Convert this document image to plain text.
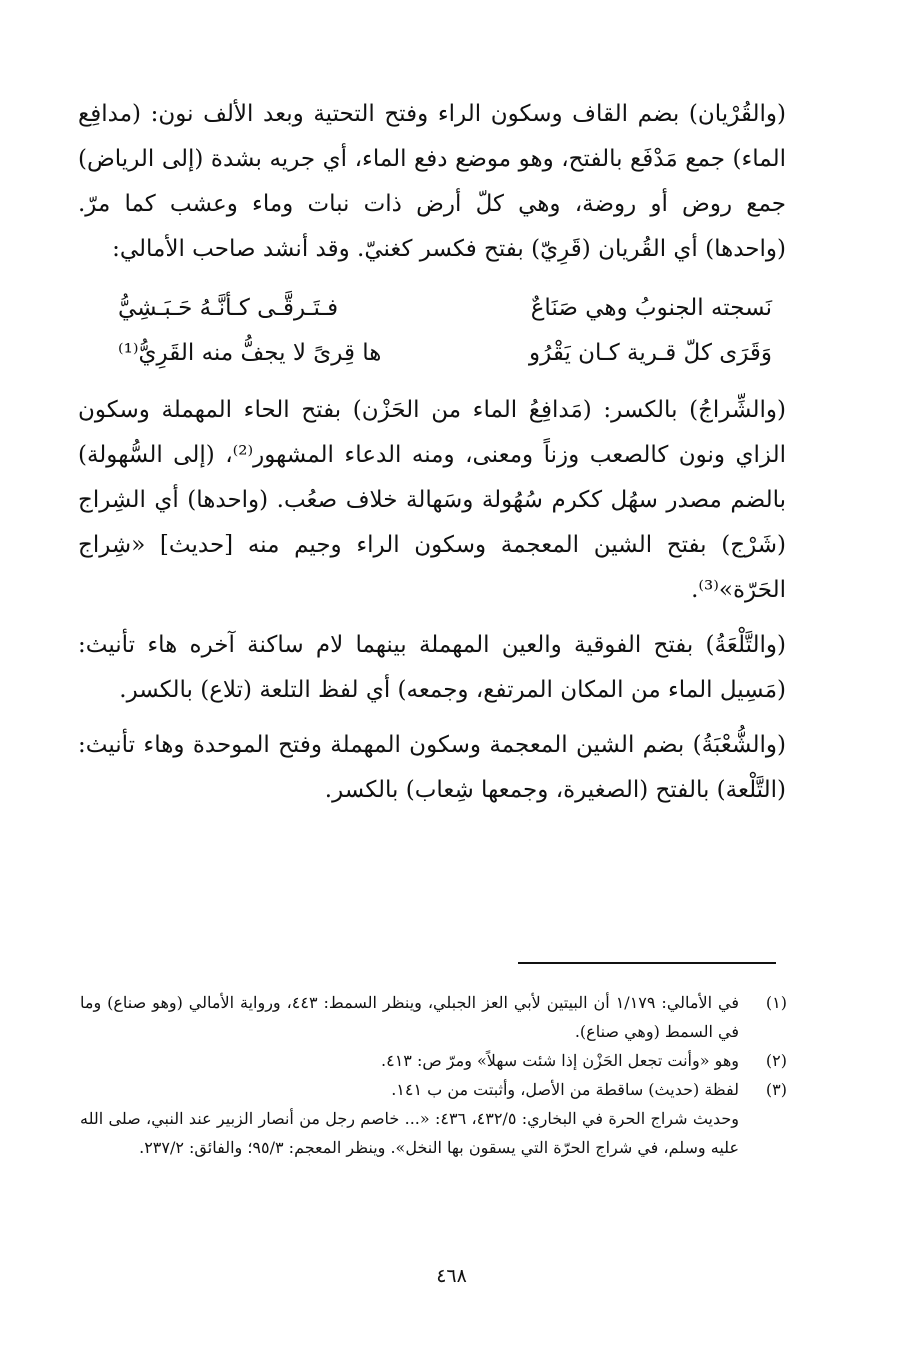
(والقُرْيان) بضم القاف وسكون الراء وفتح التحتية وبعد الألف نون: (مدافِع الماء) جمع مَدْفَع بالفتح، وهو موضع دفع الماء، أي جريه بشدة (إلى الرياض) جمع روض أو روضة، وهي كلّ أرض ذات نبات وماء وعشب كما مرّ. (واحدها) أي القُريان (قَرِيّ) بفتح فكسر كغنيّ. وقد أنشد صاحب الأمالي:

نَسجته الجنوبُ وهي صَنَاعٌ
فـتَـرقَّـى كـأنَّـهُ حَـبَـشِيُّ
وَقَرَى كلّ قـرية كـان يَقْرُو
ها قِرىً لا يجفُّ منه القَرِيُّ⁽¹⁾

(والشِّراجُ) بالكسر: (مَدافِعُ الماء من الحَزْن) بفتح الحاء المهملة وسكون الزاي ونون كالصعب وزناً ومعنى، ومنه الدعاء المشهور⁽²⁾، (إلى السُّهولة) بالضم مصدر سهُل ككرم سُهُولة وسَهالة خلاف صعُب. (واحدها) أي الشِراج (شَرْج) بفتح الشين المعجمة وسكون الراء وجيم منه [حديث] «شِراج الحَرّة»⁽³⁾.

(والتَّلْعَةُ) بفتح الفوقية والعين المهملة بينهما لام ساكنة آخره هاء تأنيث: (مَسِيل الماء من المكان المرتفع، وجمعه) أي لفظ التلعة (تلاع) بالكسر.

(والشُّعْبَةُ) بضم الشين المعجمة وسكون المهملة وفتح الموحدة وهاء تأنيث: (التَّلْعة) بالفتح (الصغيرة، وجمعها شِعاب) بالكسر.

(١)
في الأمالي: ١/١٧٩ أن البيتين لأبي العز الجبلي، وينظر السمط: ٤٤٣، ورواية الأمالي (وهو صناع) وما في السمط (وهي صناع).
(٢)
وهو «وأنت تجعل الحَزْن إذا شئت سهلاً» ومرّ ص: ٤١٣.
(٣)
لفظة (حديث) ساقطة من الأصل، وأثبتت من ب ١٤١.
وحديث شراج الحرة في البخاري: ٤٣٢/٥، ٤٣٦: «... خاصم رجل من أنصار الزبير عند النبي، صلى الله عليه وسلم، في شراج الحرّة التي يسقون بها النخل». وينظر المعجم: ٩٥/٣؛ والفائق: ٢٣٧/٢.
٤٦٨
